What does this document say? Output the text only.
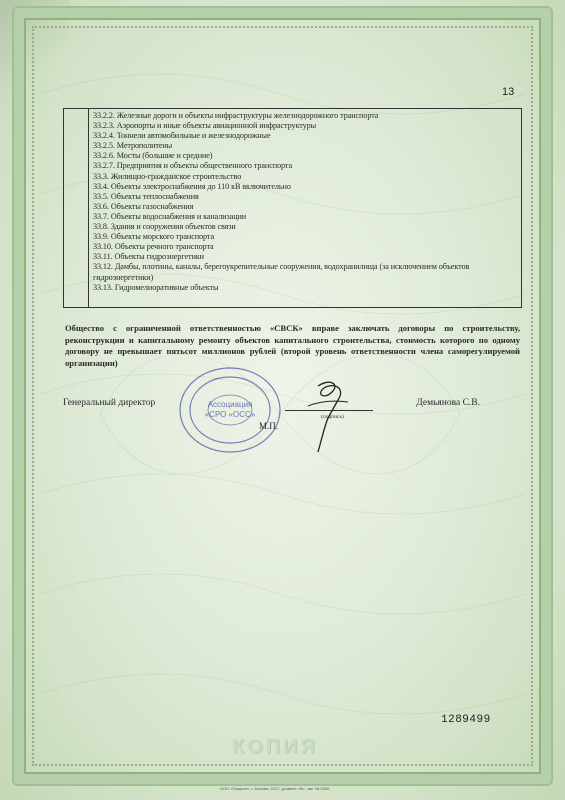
13
33.2.2. Железные дороги и объекты инфраструктуры железнодорожного транспорта
33.2.3. Аэропорты и иные объекты авиационной инфраструктуры
33.2.4. Тоннели автомобильные и железнодорожные
33.2.5. Метрополитены
33.2.6. Мосты (большие и средние)
33.2.7. Предприятия и объекты общественного транспорта
33.3. Жилищно-гражданское строительство
33.4. Объекты электроснабжения до 110 кВ включительно
33.5. Объекты теплоснабжения
33.6. Объекты газоснабжения
33.7. Объекты водоснабжения и канализации
33.8. Здания и сооружения объектов связи
33.9. Объекты морского транспорта
33.10. Объекты речного транспорта
33.11. Объекты гидроэнергетики
33.12. Дамбы, плотины, каналы, берегоукрепительные сооружения, водохранилища (за исключением объектов гидроэнергетики)
33.13. Гидромелиоративные объекты
Общество с ограниченной ответственностью «СВСК» вправе заключать договоры по строительству, реконструкции и капитальному ремонту объектов капитального строительства, стоимость которого по одному договору не превышает пятьсот миллионов рублей (второй уровень ответственности члена саморегулируемой организации)
Генеральный директор
(подпись)
Демьянова С.В.
Ассоциация
«СРО «ОСС»
М.П.
1289499
КОПИЯ
ООО «Опцион», г. Москва, 2017, уровень «В», зак. № 0000
